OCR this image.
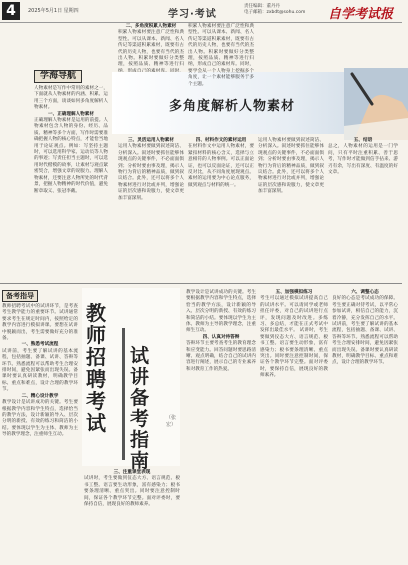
4	2025年5月1日 星期四	学习·考试
责任编辑：董丹丹
电子邮箱：zxbdt@sohu.com 自学考试报
学海导航
人物素材是写作中常用的素材之一，下面就从人物素材的内涵、积累、运用三个方面，谈谈如何多角度解析人物素材。
一、正确理解人物素材
正确理解人物素材是运用的前提。人物素材包含人物的身份、经历、品质、精神等多个方面，写作时需要准确把握人物的核心特点，才能恰当地用于论证观点。例如：写坚持主题时，可以选用科学家、运动员等人物的事迹；写责任担当主题时，可以选用时代楷模的故事，让素材与观点紧密契合，增强文章的说服力。理解人物素材，还要注意人物所处的时代背景，把握人物精神的时代价值，避免断章取义、张冠李戴。
二、多角度积累人物素材
积累人物素材要注意广泛性和典型性。可以从课本、新闻、名人传记等渠道积累素材，既要有古代的历史人物，也要有当代的杰出人物。积累时要做好分类整理，按照品质、精神等进行归
多角度解析人物素材
三、灵活运用人物素材
运用人物素材要做到叙述简洁、分析深入。叙述时要抓住能够体现观点的关键事件，不必面面俱到；分析时要由事及理，揭示人物行为背后的精神品质，做到叙议结合。此外，还可以将多个人物素材进行对比或并列，增强论证的层次感和说服力，使文章更加丰富深刻。
四、材料作文的素材运用
在材料作文中运用人物素材，要紧扣材料的核心含义，选择与立意相符的人物事例。可以正面论证，也可以反面论证，还可以正反对比，从不同角度展现观点。素材的运用要为中心论点服务，做到观点与材料的统一。
积累人物素材要注意广泛性和典型性。可以从课本、新闻、名人传记等渠道积累素材，既要有古代的历史人物，也要有当代的杰出人物。积累时要做好分类整理，按照品质、精神等进行归纳，形成自己的素材库。同时，要学会从一个人物身上挖掘多个角度，让一个素材能够服务于多个主题。
运用人物素材要做到叙述简洁、分析深入。叙述时要抓住能够体现观点的关键事件，不必面面俱到；分析时要由事及理，揭示人物行为背后的精神品质，做到叙议结合。此外，还可以将多个人物素材进行对比或并列，增强论证的层次感和说服力，使文章更加丰富深刻。
五、结语
总之，人物素材的运用是一门学问，只有平时注重积累、善于思考，写作时才能做到信手拈来、游刃有余，写出有深度、有温度的好文章。
备考指导
教师招聘考试中的试讲环节，是考查考生教学能力的重要环节。试讲通常要求考生在规定时间内，按照给定的教学内容进行模拟讲课。要想在试讲中脱颖而出，考生需要做好充分的准备。
一、熟悉考试流程
试讲前，考生要了解试讲的基本流程，包括抽题、备课、试讲、答辩等环节。熟悉流程可以帮助考生合理安排时间，避免因紧张而出现失误。备课时要认真研读教材，明确教学目标、重点和难点，设计合理的教学环节。
二、精心设计教学
教学设计是试讲成功的关键。考生要根据教学内容和学生特点，选择恰当的教学方法，设计新颖的导入、层次分明的新授、有效的练习和简洁的小结。要体现以学生为主体、教师为主导的教学理念，注重师生互动。
教师招聘考试
试讲备考指南
（张宏）
三、注重课堂表现
试讲时，考生要做到仪态大方、语言规范、板书工整。语言要生动形象，富有感染力；板书要条理清晰、重点突出。同时要注意控制时间，保证各个教学环节完整。面对评委时，要保持自信，展现良好的教师素养。
教学设计是试讲成功的关键。考生要根据教学内容和学生特点，选择恰当的教学方法，设计新颖的导入、层次分明的新授、有效的练习和简洁的小结。要体现以学生为主体、教师为主导的教学理念，注重师生互动。
四、认真对待答辩
答辩环节主要考查考生的教育理念和应变能力。回答问题时要思路清晰、观点明确，结合自己的试讲内容进行阐述，展示自己的专业素养和对教育工作的热爱。
五、加强模拟练习
考生可以通过模拟试讲提高自己的试讲水平。可以请同学或老师担任评委，对自己的试讲进行点评，发现问题及时改进。多练习、多总结，才能在正式考试中发挥出最佳水平。 试讲时，考生要做到仪态大方、语言规范、板书工整。语言要生动形象，富有感染力；板书要条理清晰、重点突出。同时要注意控制时间，保证各个教学环节完整。面对评委时，要保持自信，展现良好的教师素养。
六、调整心态
良好的心态是考试成功的保障。考生要正确对待考试，以平常心参加试讲，相信自己的能力，沉着冷静，充分发挥自己的水平。 试讲前，考生要了解试讲的基本流程，包括抽题、备课、试讲、答辩等环节。熟悉流程可以帮助考生合理安排时间，避免因紧张而出现失误。备课时要认真研读教材，明确教学目标、重点和难点，设计合理的教学环节。
